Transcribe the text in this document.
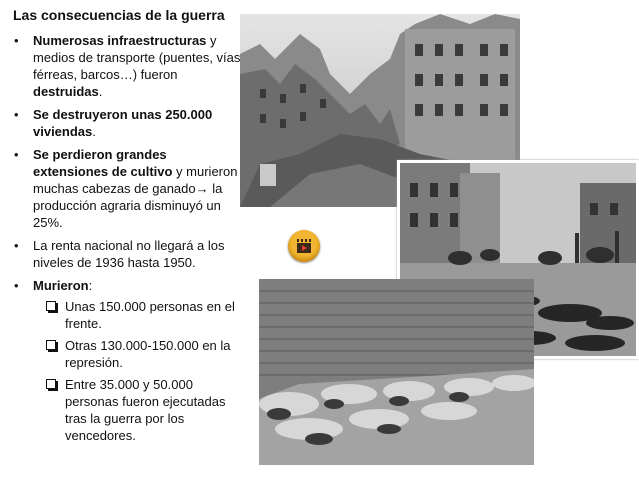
Las consecuencias de la guerra
• Numerosas infraestructuras y medios de transporte (puentes, vías férreas, barcos…) fueron destruidas.
• Se destruyeron unas 250.000 viviendas.
• Se perdieron grandes extensiones de cultivo y murieron muchas cabezas de ganado→ la producción agraria disminuyó un 25%.
• La renta nacional no llegará a los niveles de 1936 hasta 1950.
• Murieron:
Unas 150.000 personas en el frente.
Otras 130.000-150.000 en la represión.
Entre 35.000 y 50.000 personas fueron ejecutadas tras la guerra por los vencedores.
